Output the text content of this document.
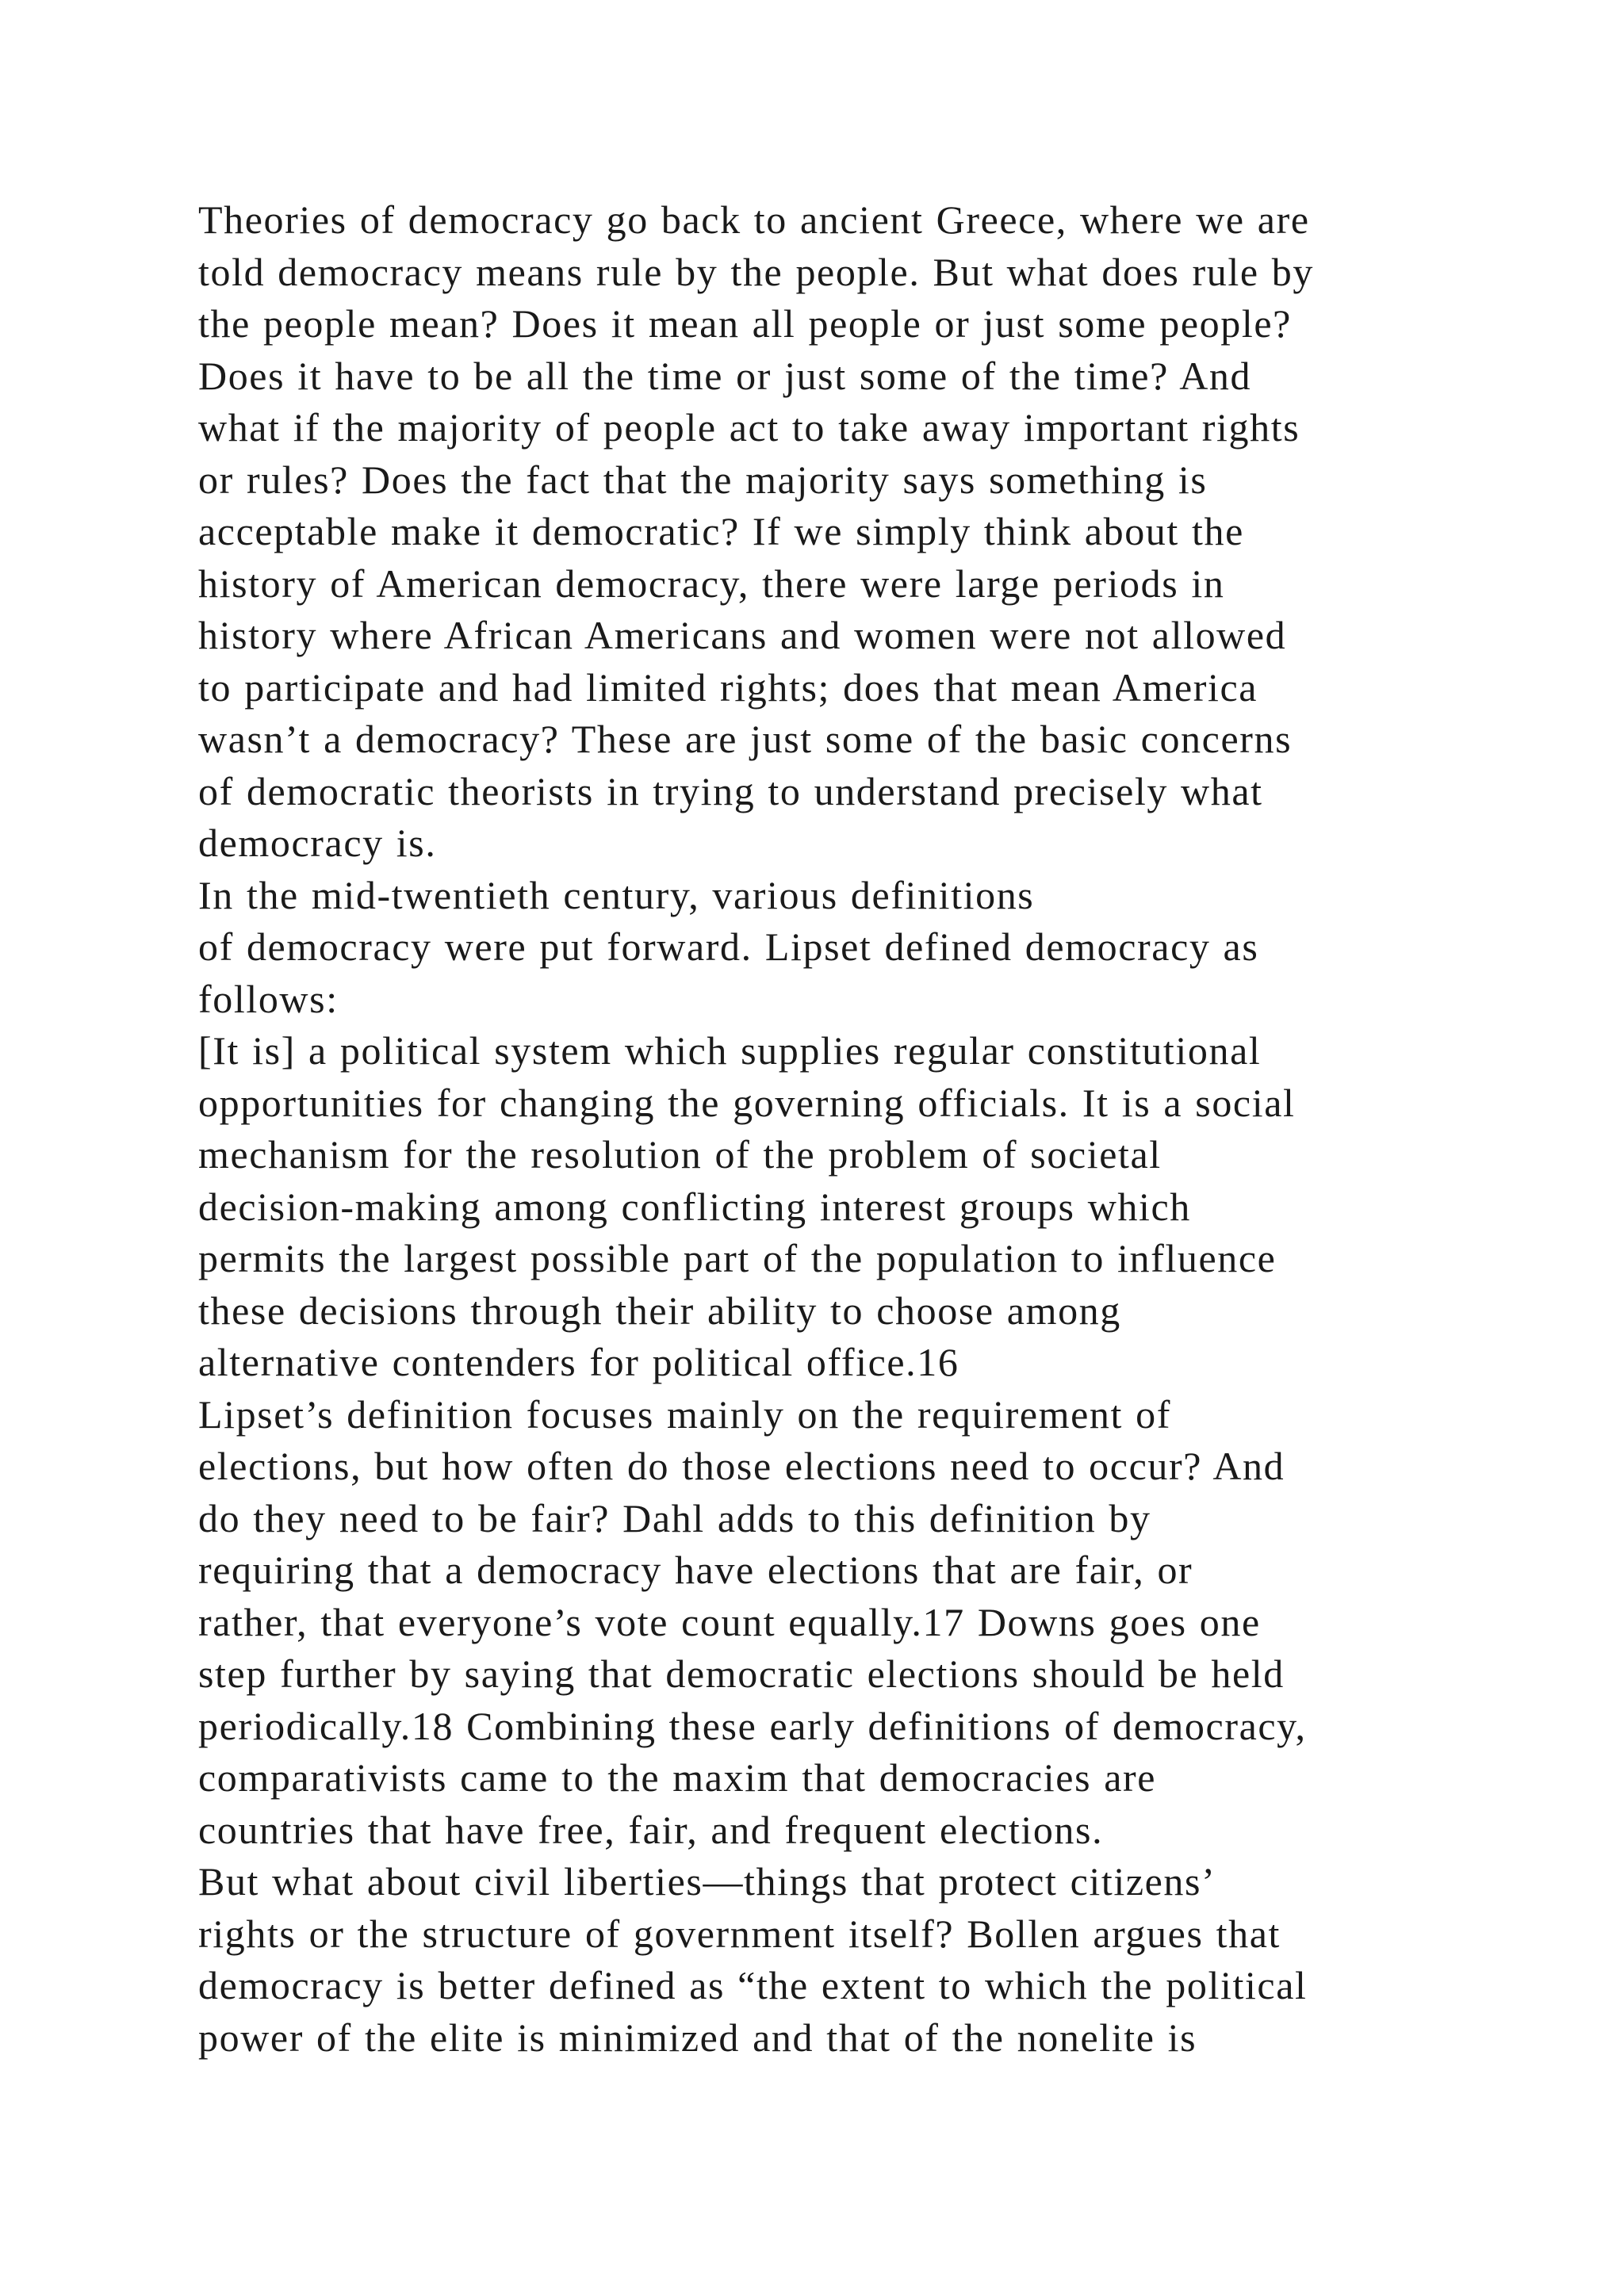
Theories of democracy go back to ancient Greece, where we are
told democracy means rule by the people. But what does rule by
the people mean? Does it mean all people or just some people?
Does it have to be all the time or just some of the time? And
what if the majority of people act to take away important rights
or rules? Does the fact that the majority says something is
acceptable make it democratic? If we simply think about the
history of American democracy, there were large periods in
history where African Americans and women were not allowed
to participate and had limited rights; does that mean America
wasn’t a democracy? These are just some of the basic concerns
of democratic theorists in trying to understand precisely what
democracy is.
In the mid-twentieth century, various definitions
of democracy were put forward. Lipset defined democracy as
follows:
[It is] a political system which supplies regular constitutional
opportunities for changing the governing officials. It is a social
mechanism for the resolution of the problem of societal
decision-making among conflicting interest groups which
permits the largest possible part of the population to influence
these decisions through their ability to choose among
alternative contenders for political office.16
Lipset’s definition focuses mainly on the requirement of
elections, but how often do those elections need to occur? And
do they need to be fair? Dahl adds to this definition by
requiring that a democracy have elections that are fair, or
rather, that everyone’s vote count equally.17 Downs goes one
step further by saying that democratic elections should be held
periodically.18 Combining these early definitions of democracy,
comparativists came to the maxim that democracies are
countries that have free, fair, and frequent elections.
But what about civil liberties—things that protect citizens’
rights or the structure of government itself? Bollen argues that
democracy is better defined as “the extent to which the political
power of the elite is minimized and that of the nonelite is
